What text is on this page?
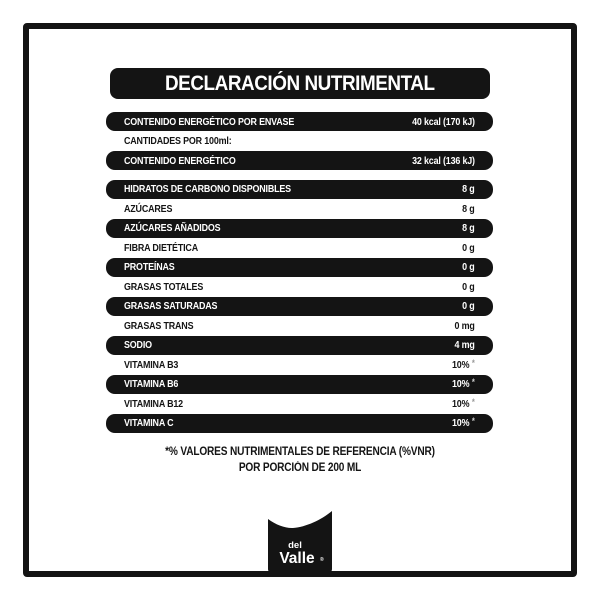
DECLARACIÓN NUTRIMENTAL
CONTENIDO ENERGÉTICO POR ENVASE	40 kcal (170 kJ)
CANTIDADES POR 100ml:
CONTENIDO ENERGÉTICO	32 kcal (136 kJ)
HIDRATOS DE CARBONO DISPONIBLES	8 g
AZÚCARES	8 g
AZÚCARES AÑADIDOS	8 g
FIBRA DIETÉTICA	0 g
PROTEÍNAS	0 g
GRASAS TOTALES	0 g
GRASAS SATURADAS	0 g
GRASAS TRANS	0 mg
SODIO	4 mg
VITAMINA B3	10% *
VITAMINA B6	10% *
VITAMINA B12	10% *
VITAMINA C	10% *
*% VALORES NUTRIMENTALES DE REFERENCIA (%VNR)
POR PORCIÓN DE 200 ML
del
Valle ®
